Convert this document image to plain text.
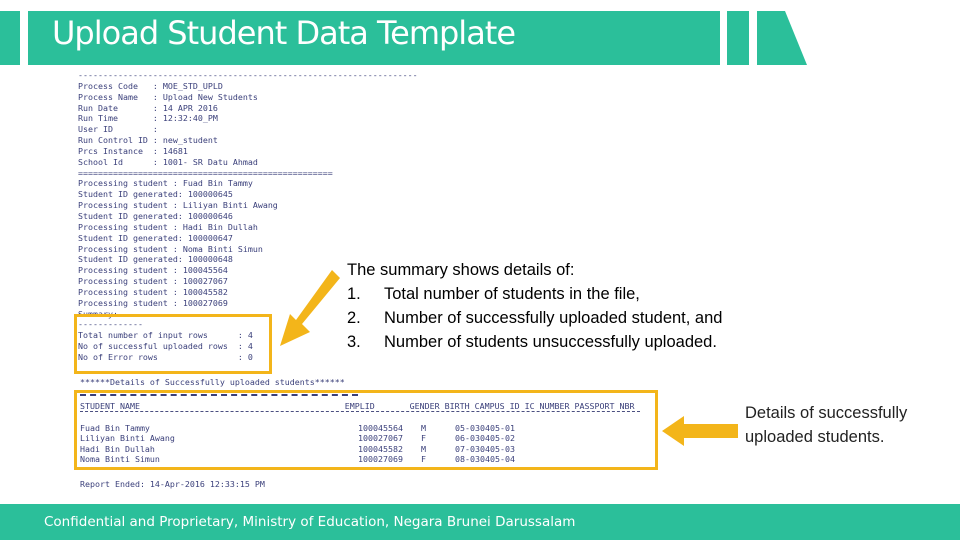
Upload Student Data Template
--------------------------------------------------------------------
Process Code   : MOE_STD_UPLD
Process Name   : Upload New Students
Run Date       : 14 APR 2016
Run Time       : 12:32:40_PM
User ID        :
Run Control ID : new_student
Prcs Instance  : 14681
School Id      : 1001- SR Datu Ahmad
===================================================
Processing student : Fuad Bin Tammy
Student ID generated: 100000645
Processing student : Liliyan Binti Awang
Student ID generated: 100000646
Processing student : Hadi Bin Dullah
Student ID generated: 100000647
Processing student : Noma Binti Simun
Student ID generated: 100000648
Processing student : 100045564
Processing student : 100027067
Processing student : 100045582
Processing student : 100027069
Summary:
-------------
Total number of input rows      : 4
No of successful uploaded rows  : 4
No of Error rows                : 0
******Details of Successfully uploaded students******
STUDENT NAME                                         EMPLID       GENDER BIRTH CAMPUS ID IC NUMBER PASSPORT NBR
Fuad Bin Tammy	100045564 M	05-030405-01
Liliyan Binti Awang	100027067 F	06-030405-02
Hadi Bin Dullah	100045582 M	07-030405-03
Noma Binti Simun	100027069 F	08-030405-04
Report Ended: 14-Apr-2016 12:33:15 PM
The summary shows details of:
1.	Total number of students in the file,
2.	Number of successfully uploaded student, and
3.	Number of students unsuccessfully uploaded.
Details of successfully uploaded students.
Confidential and Proprietary, Ministry of Education, Negara Brunei Darussalam
